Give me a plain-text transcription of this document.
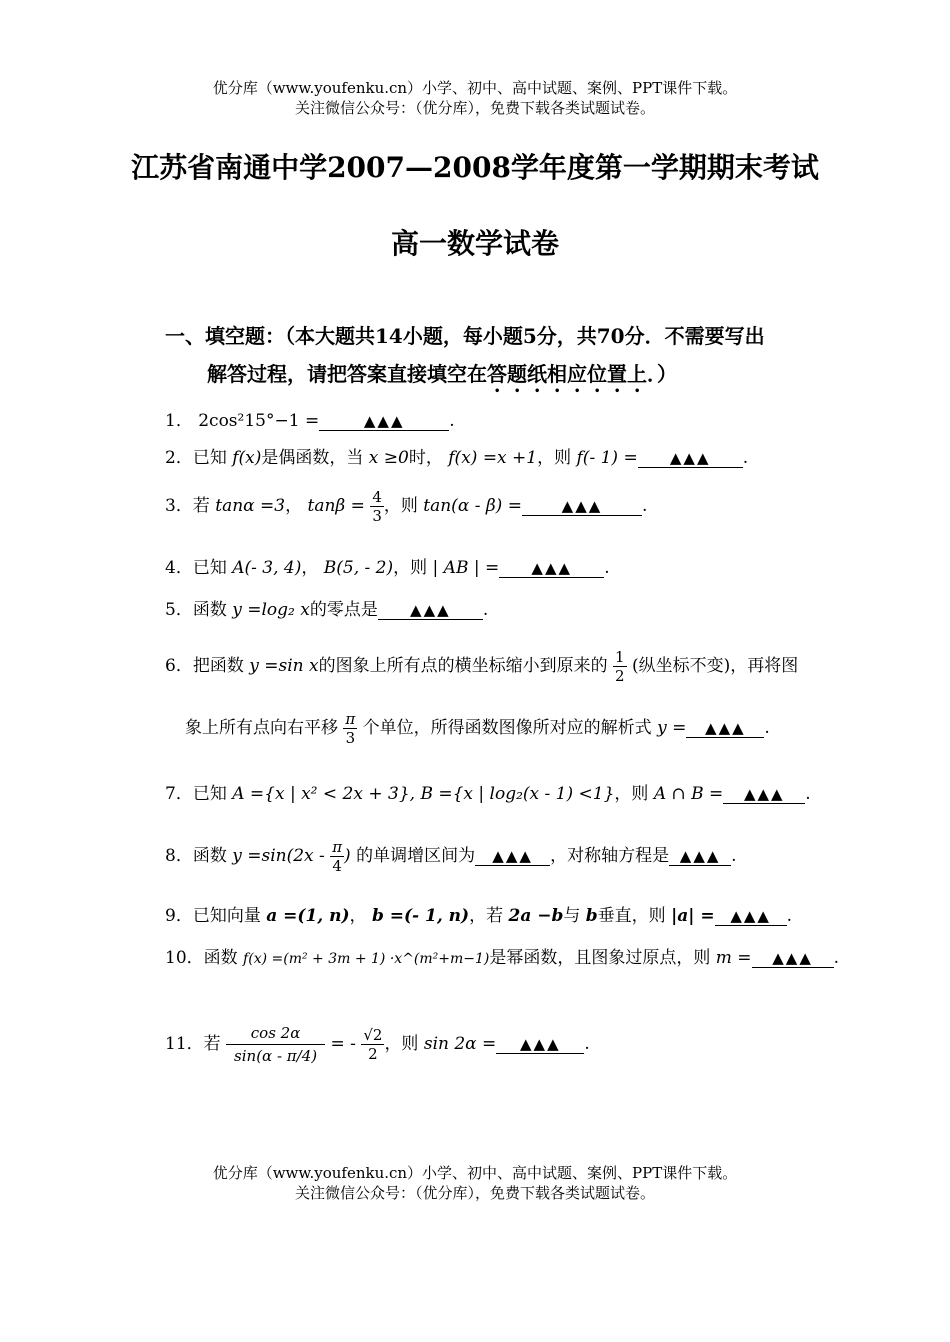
优分库（www.youfenku.cn）小学、初中、高中试题、案例、PPT课件下载。
关注微信公众号：（优分库），免费下载各类试题试卷。
江苏省南通中学2007—2008学年度第一学期期末考试
高一数学试卷
一、填空题：（本大题共14小题，每小题5分，共70分．不需要写出
解答过程，请把答案直接填空在答题纸相应位置上．）
1． 2cos²15°−1 =	▲▲▲	.
2．已知 f(x)是偶函数，当 x ≥0时， f(x) =x +1，则 f(- 1) = ▲▲▲ .
3．若 tanα =3， $\tan\beta = \frac{4}{3}$ ，则 tan(α - β) =	▲▲▲ .
4．已知 A(- 3, 4)， B(5, - 2)，则 | AB | = ▲▲▲ .
5．函数 y =log₂ x的零点是 ▲▲▲ .
6．把函数 y =sin x的图象上所有点的横坐标缩小到原来的 $\frac{1}{2}$ (纵坐标不变)，再将图
象上所有点向右平移 $\frac{\pi}{3}$ 个单位，所得函数图像所对应的解析式 y = ▲▲▲ .
7．已知 A ={x | x² < 2x + 3}, B ={x | log₂(x - 1) <1}，则 A ∩ B = ▲▲▲ .
8．函数 $y =\sin(2x - \frac{\pi}{4}$ ) 的单调增区间为 ▲▲▲ ，对称轴方程是 ▲▲▲ .
9．已知向量 a =(1, n)， b =(- 1, n)，若 2a −b与 b垂直，则 |a| = ▲▲▲ .
10．函数 f(x) =(m² + 3m + 1) ·x^(m²+m−1)是幂函数，且图象过原点，则 m = ▲▲▲ .
11．若 $\frac{\cos 2\alpha}{\sin(\alpha - \pi/4)}$ = - $\frac{√2}{2}$ ，则 sin 2α = ▲▲▲ .
优分库（www.youfenku.cn）小学、初中、高中试题、案例、PPT课件下载。
关注微信公众号：（优分库），免费下载各类试题试卷。
